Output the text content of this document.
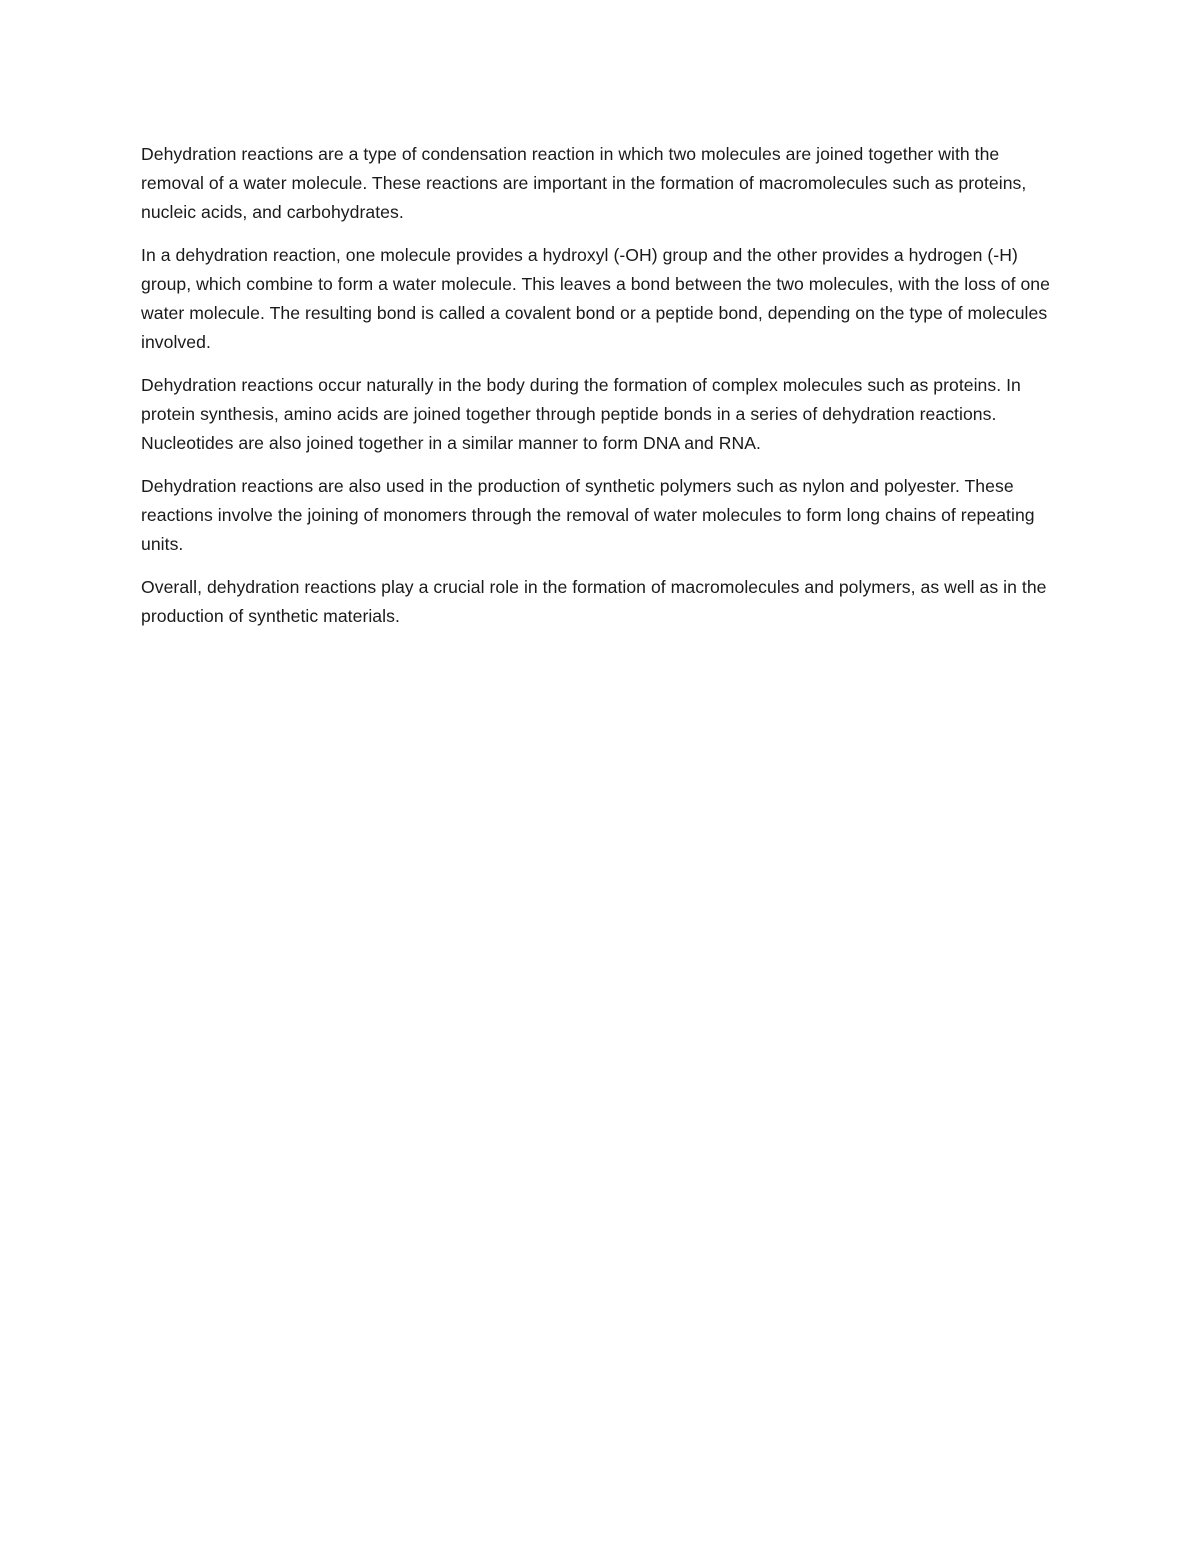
Dehydration reactions are a type of condensation reaction in which two molecules are joined together with the removal of a water molecule. These reactions are important in the formation of macromolecules such as proteins, nucleic acids, and carbohydrates.

In a dehydration reaction, one molecule provides a hydroxyl (-OH) group and the other provides a hydrogen (-H) group, which combine to form a water molecule. This leaves a bond between the two molecules, with the loss of one water molecule. The resulting bond is called a covalent bond or a peptide bond, depending on the type of molecules involved.

Dehydration reactions occur naturally in the body during the formation of complex molecules such as proteins. In protein synthesis, amino acids are joined together through peptide bonds in a series of dehydration reactions. Nucleotides are also joined together in a similar manner to form DNA and RNA.

Dehydration reactions are also used in the production of synthetic polymers such as nylon and polyester. These reactions involve the joining of monomers through the removal of water molecules to form long chains of repeating units.

Overall, dehydration reactions play a crucial role in the formation of macromolecules and polymers, as well as in the production of synthetic materials.
